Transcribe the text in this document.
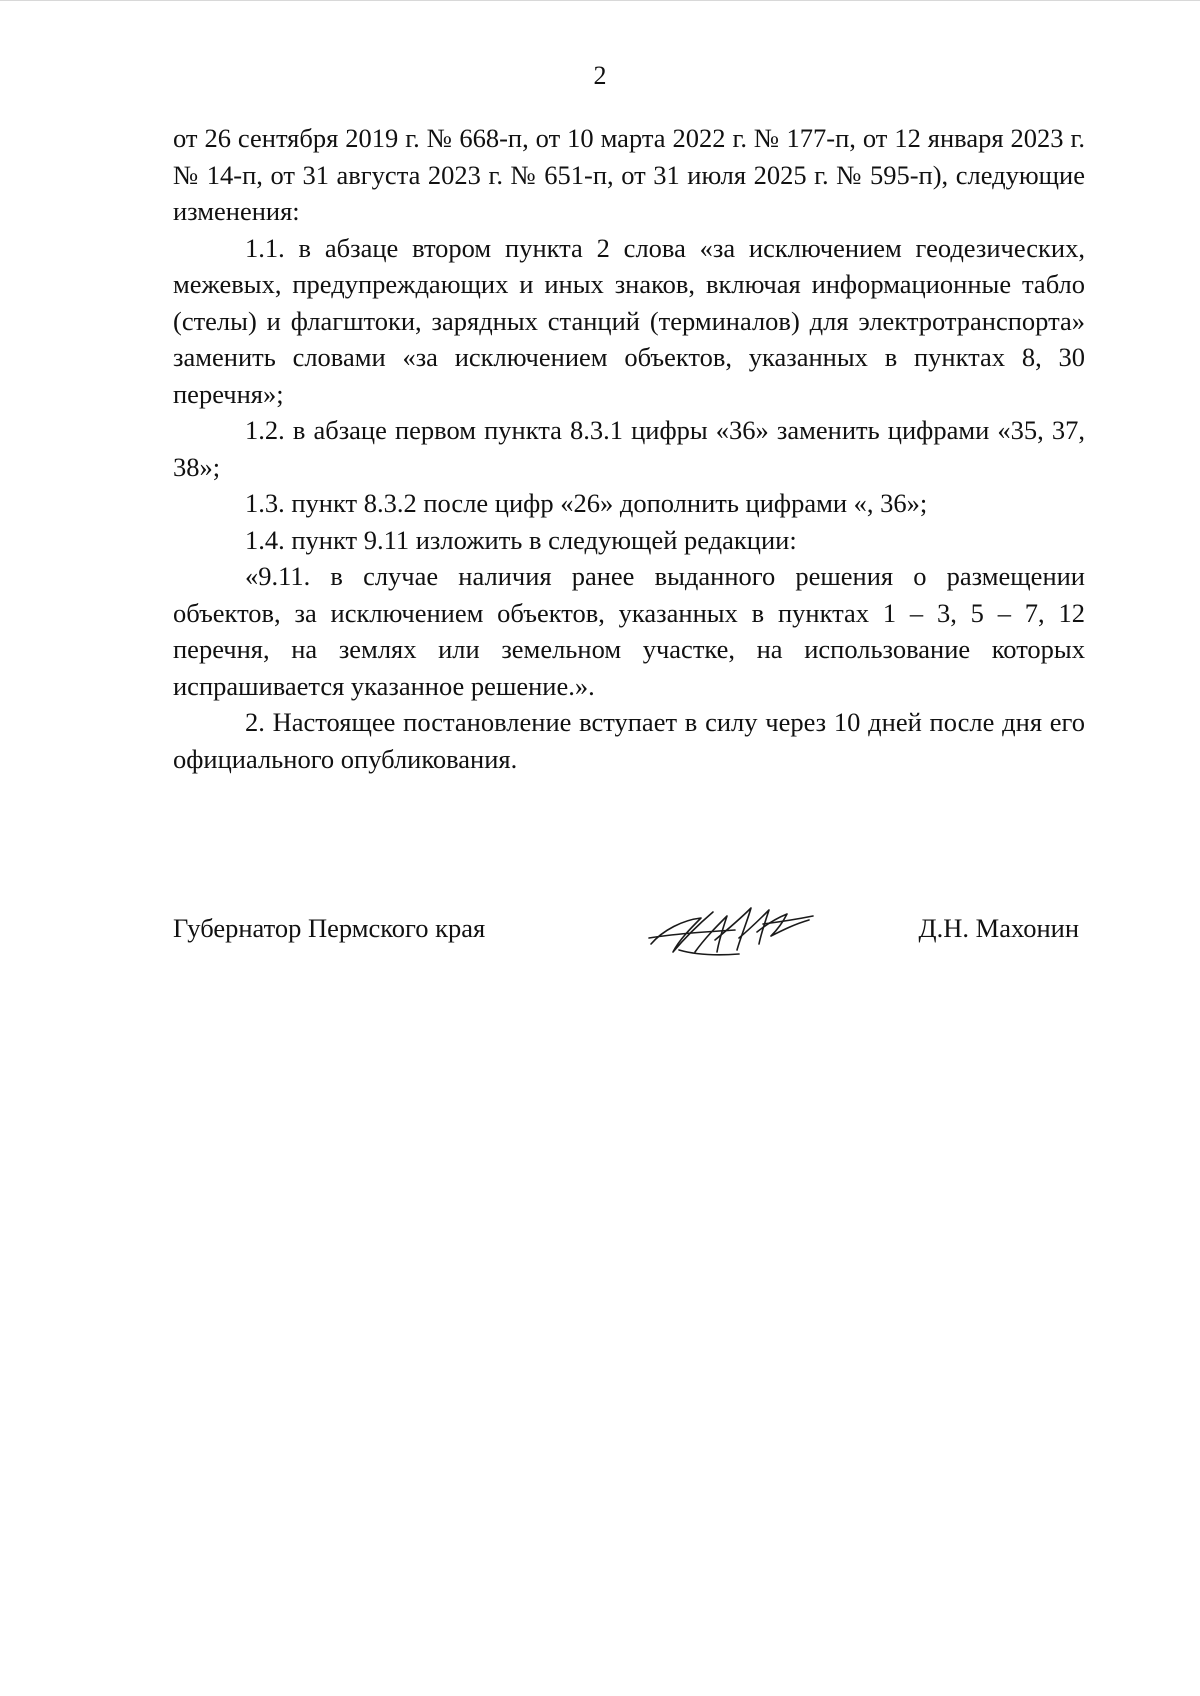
2

от 26 сентября 2019 г. № 668-п, от 10 марта 2022 г. № 177-п, от 12 января 2023 г. № 14-п, от 31 августа 2023 г. № 651-п, от 31 июля 2025 г. № 595-п), следующие изменения:

1.1. в абзаце втором пункта 2 слова «за исключением геодезических, межевых, предупреждающих и иных знаков, включая информационные табло (стелы) и флагштоки, зарядных станций (терминалов) для электротранспорта» заменить словами «за исключением объектов, указанных в пунктах 8, 30 перечня»;

1.2. в абзаце первом пункта 8.3.1 цифры «36» заменить цифрами «35, 37, 38»;

1.3. пункт 8.3.2 после цифр «26» дополнить цифрами «, 36»;

1.4. пункт 9.11 изложить в следующей редакции:

«9.11. в случае наличия ранее выданного решения о размещении объектов, за исключением объектов, указанных в пунктах 1 – 3, 5 – 7, 12 перечня, на землях или земельном участке, на использование которых испрашивается указанное решение.».

2. Настоящее постановление вступает в силу через 10 дней после дня его официального опубликования.

Губернатор Пермского края	Д.Н. Махонин
